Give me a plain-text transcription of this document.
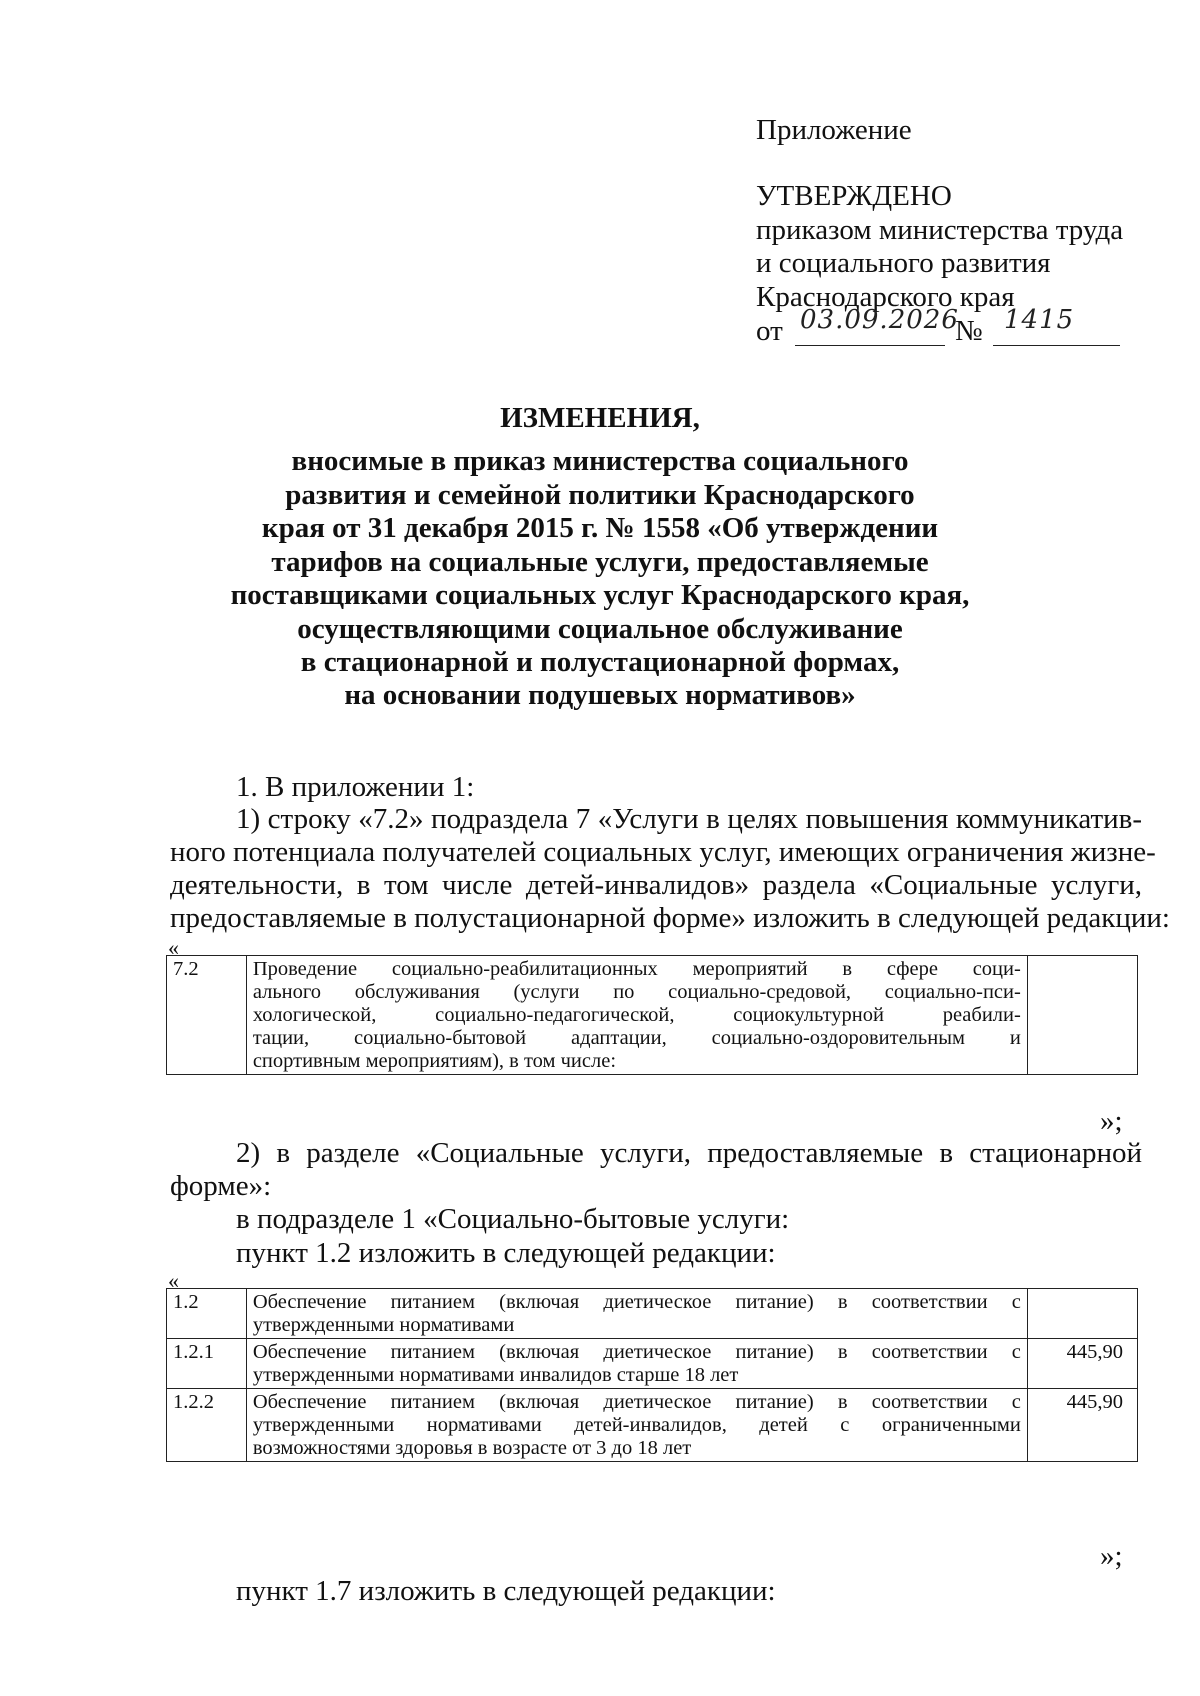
Приложение
УТВЕРЖДЕНО
приказом министерства труда
и социального развития
Краснодарского края
от 03.09.2026
№ 1415
ИЗМЕНЕНИЯ,
вносимые в приказ министерства социального
развития и семейной политики Краснодарского
края от 31 декабря 2015 г. № 1558 «Об утверждении
тарифов на социальные услуги, предоставляемые
поставщиками социальных услуг Краснодарского края,
осуществляющими социальное обслуживание
в стационарной и полустационарной формах,
на основании подушевых нормативов»
1. В приложении 1:
1) строку «7.2» подраздела 7 «Услуги в целях повышения коммуникатив-
ного потенциала получателей социальных услуг, имеющих ограничения жизне-
деятельности, в том числе детей-инвалидов» раздела «Социальные услуги,
предоставляемые в полустационарной форме» изложить в следующей редакции:
«
7.2	Проведение социально-реабилитационных мероприятий в сфере соци-
ального обслуживания (услуги по социально-средовой, социально-пси-
хологической, социально-педагогической, социокультурной реабили-
тации, социально-бытовой адаптации, социально-оздоровительным и
спортивным мероприятиям), в том числе:

»;
2) в разделе «Социальные услуги, предоставляемые в стационарной
форме»:
в подразделе 1 «Социально-бытовые услуги:
пункт 1.2 изложить в следующей редакции:
«
1.2	Обеспечение питанием (включая диетическое питание) в соответствии с
утвержденными нормативами	

1.2.1	Обеспечение питанием (включая диетическое питание) в соответствии с
утвержденными нормативами инвалидов старше 18 лет	445,90
1.2.2	Обеспечение питанием (включая диетическое питание) в соответствии с
утвержденными нормативами детей-инвалидов, детей с ограниченными
возможностями здоровья в возрасте от 3 до 18 лет	445,90
»;
пункт 1.7 изложить в следующей редакции:
